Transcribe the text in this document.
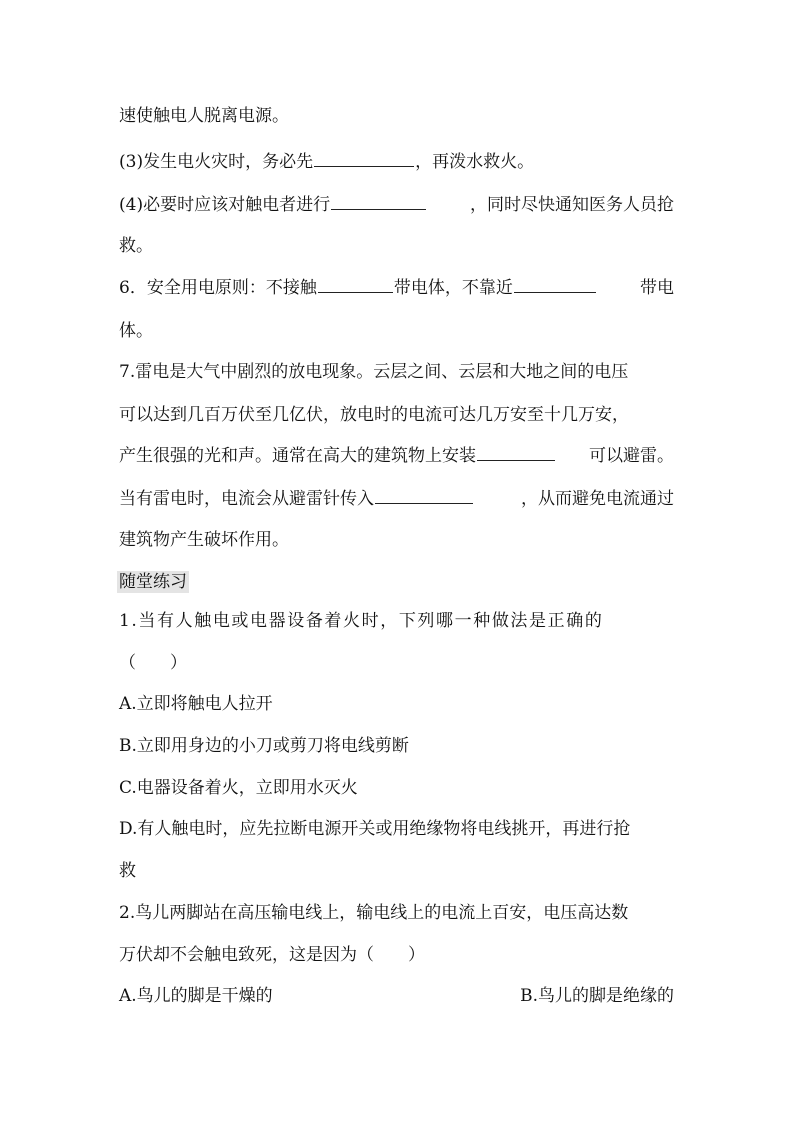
速使触电人脱离电源。
(3)发生电火灾时，务必先	，再泼水救火。
(4)必要时应该对触电者进行	，同时尽快通知医务人员抢
救。
6．安全用电原则：不接触	带电体，不靠近	带电
体。
7.雷电是大气中剧烈的放电现象。云层之间、云层和大地之间的电压
可以达到几百万伏至几亿伏，放电时的电流可达几万安至十几万安，
产生很强的光和声。通常在高大的建筑物上安装	可以避雷。
当有雷电时，电流会从避雷针传入	，从而避免电流通过
建筑物产生破坏作用。
随堂练习
1.当有人触电或电器设备着火时，下列哪一种做法是正确的
（　　）
A.立即将触电人拉开
B.立即用身边的小刀或剪刀将电线剪断
C.电器设备着火，立即用水灭火
D.有人触电时，应先拉断电源开关或用绝缘物将电线挑开，再进行抢
救
2.鸟儿两脚站在高压输电线上，输电线上的电流上百安，电压高达数
万伏却不会触电致死，这是因为（　　）
A.鸟儿的脚是干燥的	B.鸟儿的脚是绝缘的
